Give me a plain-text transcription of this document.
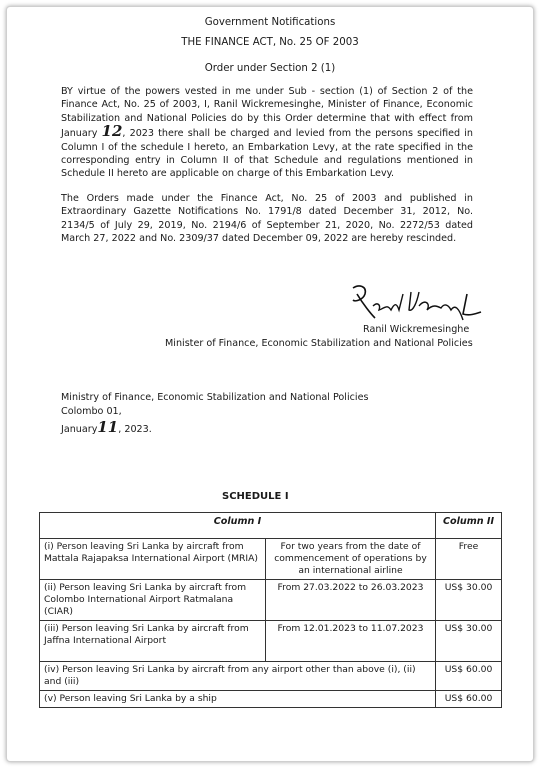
Government Notifications
THE FINANCE ACT, No. 25 OF 2003
Order under Section 2 (1)

BY virtue of the powers vested in me under Sub - section (1) of Section 2 of the Finance Act, No. 25 of 2003, I, Ranil Wickremesinghe, Minister of Finance, Economic Stabilization and National Policies do by this Order determine that with effect from January 12, 2023 there shall be charged and levied from the persons specified in Column I of the schedule I hereto, an Embarkation Levy, at the rate specified in the corresponding entry in Column II of that Schedule and regulations mentioned in Schedule II hereto are applicable on charge of this Embarkation Levy.

The Orders made under the Finance Act, No. 25 of 2003 and published in Extraordinary Gazette Notifications No. 1791/8 dated December 31, 2012, No. 2134/5 of July 29, 2019, No. 2194/6 of September 21, 2020, No. 2272/53 dated March 27, 2022 and No. 2309/37 dated December 09, 2022 are hereby rescinded.

Ranil Wickremesinghe
Minister of Finance, Economic Stabilization and National Policies
Ministry of Finance, Economic Stabilization and National Policies
Colombo 01,
January11, 2023.
SCHEDULE I
Column I		Column II
(i) Person leaving Sri Lanka by aircraft from Mattala Rajapaksa International Airport (MRIA)	For two years from the date of commencement of operations by an international airline	Free
(ii) Person leaving Sri Lanka by aircraft from Colombo International Airport Ratmalana (CIAR)	From 27.03.2022 to 26.03.2023	US$ 30.00
(iii) Person leaving Sri Lanka by aircraft from Jaffna International Airport	From 12.01.2023 to 11.07.2023	US$ 30.00
(iv) Person leaving Sri Lanka by aircraft from any airport other than above (i), (ii) and (iii)		US$ 60.00
(v) Person leaving Sri Lanka by a ship		US$ 60.00
